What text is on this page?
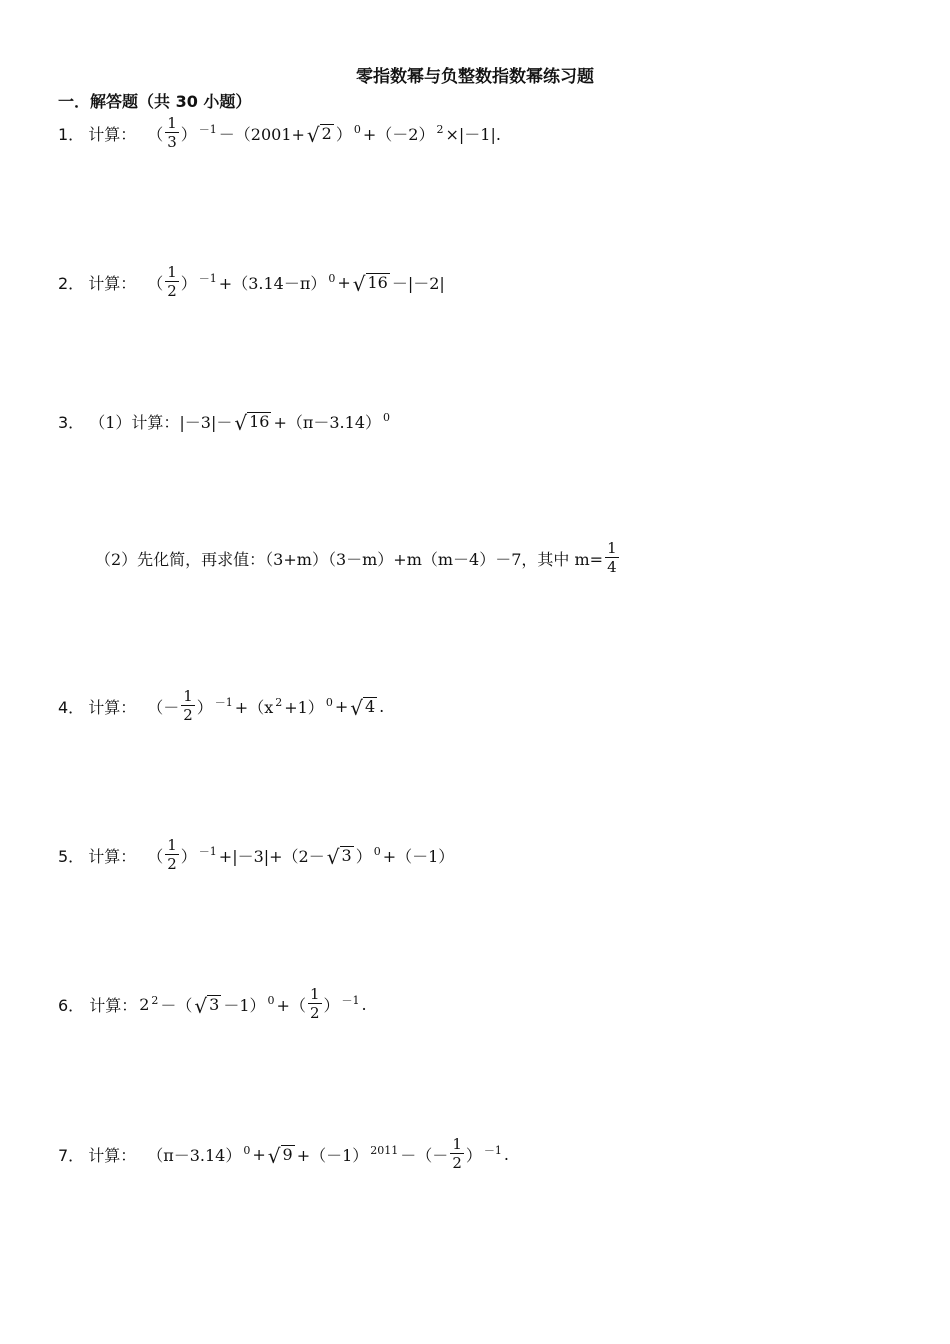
零指数幂与负整数指数幂练习题
一．解答题（共 30 小题）
1． 计算： （ $\frac{1}{3} )^{-1} -(2001+$ √ 2 ）$^0 +(-2)^2 \times|-1|$.
2． 计算： （ $\frac{1}{2} )^{-1} +(3.14-\pi)^0$ + √ 16 －|－2|
3． （1）计算：|－3|－ √ $16 +(\pi-3.14)^0$
（2）先化简，再求值：（3+m）（3－m）+m（m－4）－7，其中 $m= \frac{1}{4}$
4． 计算： （－ $\frac{1}{2} )^{-1} +(x^2 +1)^0$ + √ 4 .
5． 计算： （ $\frac{1}{2} )^{-1} +|-3|+(2-$ √ 3 ）$^0$ +（－1）
6． 计算： $2^2$ －（ √ 3 －1）$^0$ +（ $\frac{1}{2} )^{-1}$ .
7． 计算： $(\pi-3.14)^0$ + √ $9 +(-1)^{2011}$ －（－ $\frac{1}{2} )^{-1}$ .
